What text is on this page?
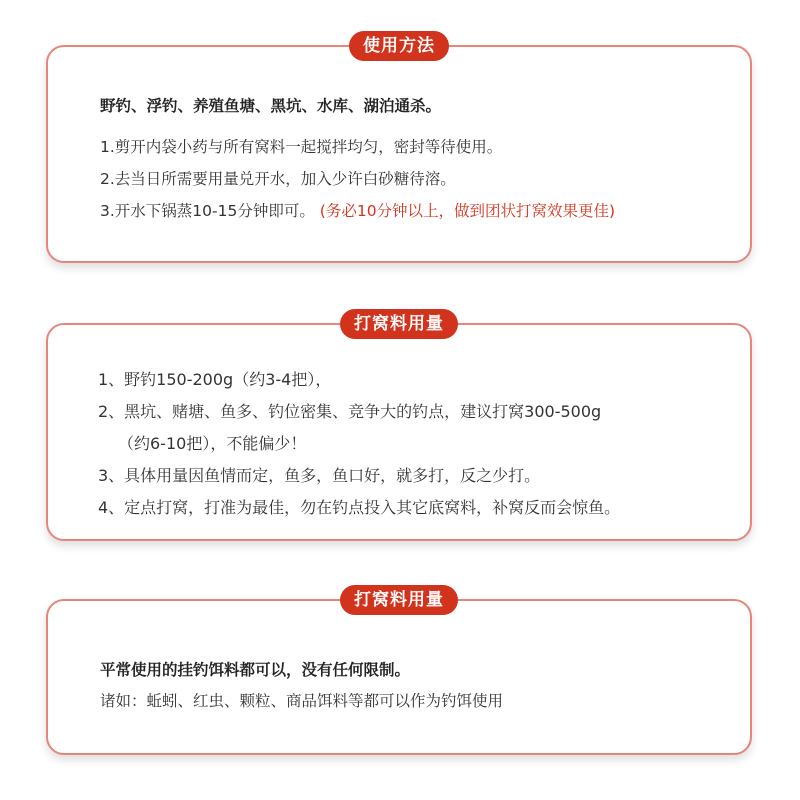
使用方法
野钓、浮钓、养殖鱼塘、黑坑、水库、湖泊通杀。
1.剪开内袋小药与所有窝料一起搅拌均匀，密封等待使用。
2.去当日所需要用量兑开水，加入少许白砂糖待溶。
3.开水下锅蒸10-15分钟即可。 (务必10分钟以上，做到团状打窝效果更佳)
打窝料用量
1、野钓150-200g（约3-4把），
2、黑坑、赌塘、鱼多、钓位密集、竞争大的钓点，建议打窝300-500g
（约6-10把），不能偏少！
3、具体用量因鱼情而定，鱼多，鱼口好，就多打，反之少打。
4、定点打窝，打准为最佳，勿在钓点投入其它底窝料，补窝反而会惊鱼。
打窝料用量
平常使用的挂钓饵料都可以，没有任何限制。
诸如：蚯蚓、红虫、颗粒、商品饵料等都可以作为钓饵使用
